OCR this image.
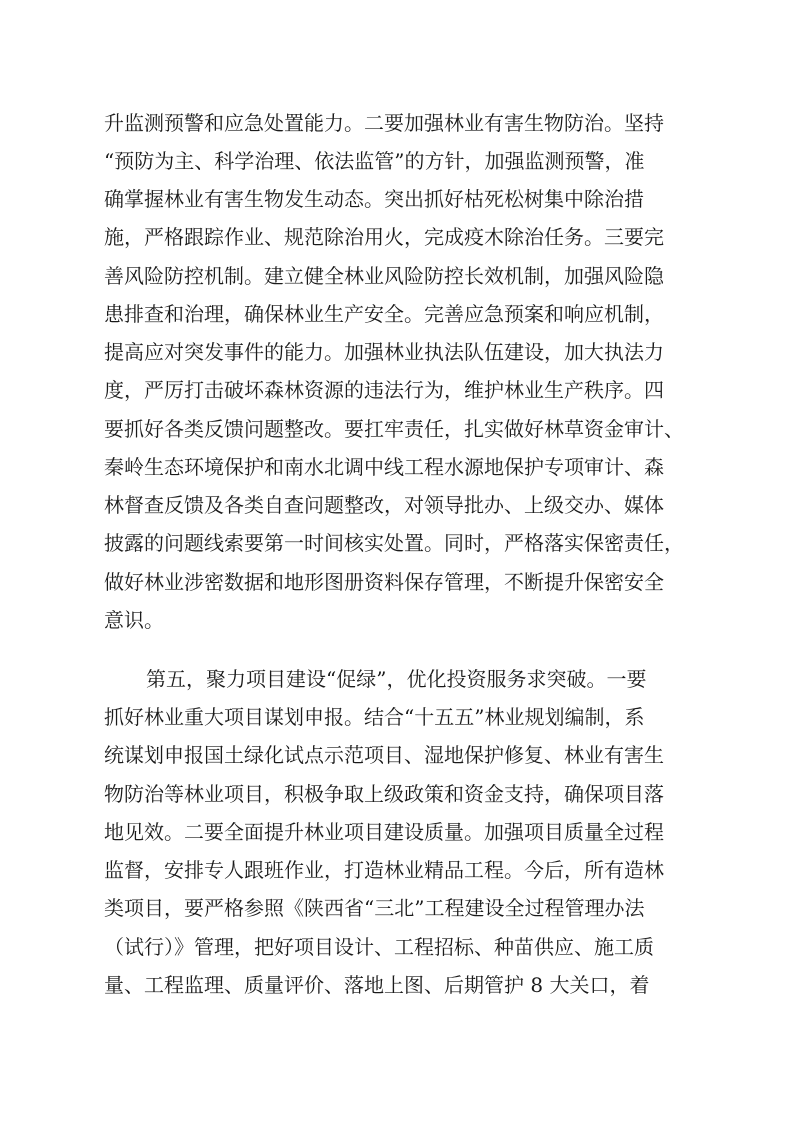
升监测预警和应急处置能力。二要加强林业有害生物防治。坚持
“预防为主、科学治理、依法监管”的方针，加强监测预警，准
确掌握林业有害生物发生动态。突出抓好枯死松树集中除治措
施，严格跟踪作业、规范除治用火，完成疫木除治任务。三要完
善风险防控机制。建立健全林业风险防控长效机制，加强风险隐
患排查和治理，确保林业生产安全。完善应急预案和响应机制，
提高应对突发事件的能力。加强林业执法队伍建设，加大执法力
度，严厉打击破坏森林资源的违法行为，维护林业生产秩序。四
要抓好各类反馈问题整改。要扛牢责任，扎实做好林草资金审计、
秦岭生态环境保护和南水北调中线工程水源地保护专项审计、森
林督查反馈及各类自查问题整改，对领导批办、上级交办、媒体
披露的问题线索要第一时间核实处置。同时，严格落实保密责任，
做好林业涉密数据和地形图册资料保存管理，不断提升保密安全
意识。
第五，聚力项目建设“促绿”，优化投资服务求突破。一要
抓好林业重大项目谋划申报。结合“十五五”林业规划编制，系
统谋划申报国土绿化试点示范项目、湿地保护修复、林业有害生
物防治等林业项目，积极争取上级政策和资金支持，确保项目落
地见效。二要全面提升林业项目建设质量。加强项目质量全过程
监督，安排专人跟班作业，打造林业精品工程。今后，所有造林
类项目，要严格参照《陕西省“三北”工程建设全过程管理办法
（试行）》管理，把好项目设计、工程招标、种苗供应、施工质
量、工程监理、质量评价、落地上图、后期管护 8 大关口，着
